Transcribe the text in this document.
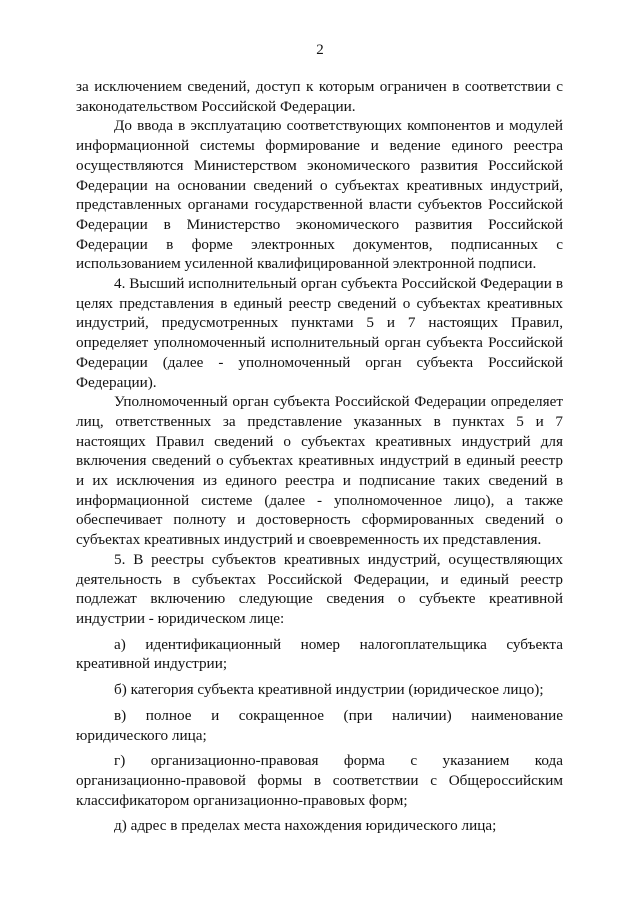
2

за исключением сведений, доступ к которым ограничен в соответствии с законодательством Российской Федерации.

До ввода в эксплуатацию соответствующих компонентов и модулей информационной системы формирование и ведение единого реестра осуществляются Министерством экономического развития Российской Федерации на основании сведений о субъектах креативных индустрий, представленных органами государственной власти субъектов Российской Федерации в Министерство экономического развития Российской Федерации в форме электронных документов, подписанных с использованием усиленной квалифицированной электронной подписи.

4. Высший исполнительный орган субъекта Российской Федерации в целях представления в единый реестр сведений о субъектах креативных индустрий, предусмотренных пунктами 5 и 7 настоящих Правил, определяет уполномоченный исполнительный орган субъекта Российской Федерации (далее - уполномоченный орган субъекта Российской Федерации).

Уполномоченный орган субъекта Российской Федерации определяет лиц, ответственных за представление указанных в пунктах 5 и 7 настоящих Правил сведений о субъектах креативных индустрий для включения сведений о субъектах креативных индустрий в единый реестр и их исключения из единого реестра и подписание таких сведений в информационной системе (далее - уполномоченное лицо), а также обеспечивает полноту и достоверность сформированных сведений о субъектах креативных индустрий и своевременность их представления.

5. В реестры субъектов креативных индустрий, осуществляющих деятельность в субъектах Российской Федерации, и единый реестр подлежат включению следующие сведения о субъекте креативной индустрии - юридическом лице:

а) идентификационный номер налогоплательщика субъекта креативной индустрии;

б) категория субъекта креативной индустрии (юридическое лицо);

в) полное и сокращенное (при наличии) наименование юридического лица;

г) организационно-правовая форма с указанием кода организационно-правовой формы в соответствии с Общероссийским классификатором организационно-правовых форм;

д) адрес в пределах места нахождения юридического лица;
